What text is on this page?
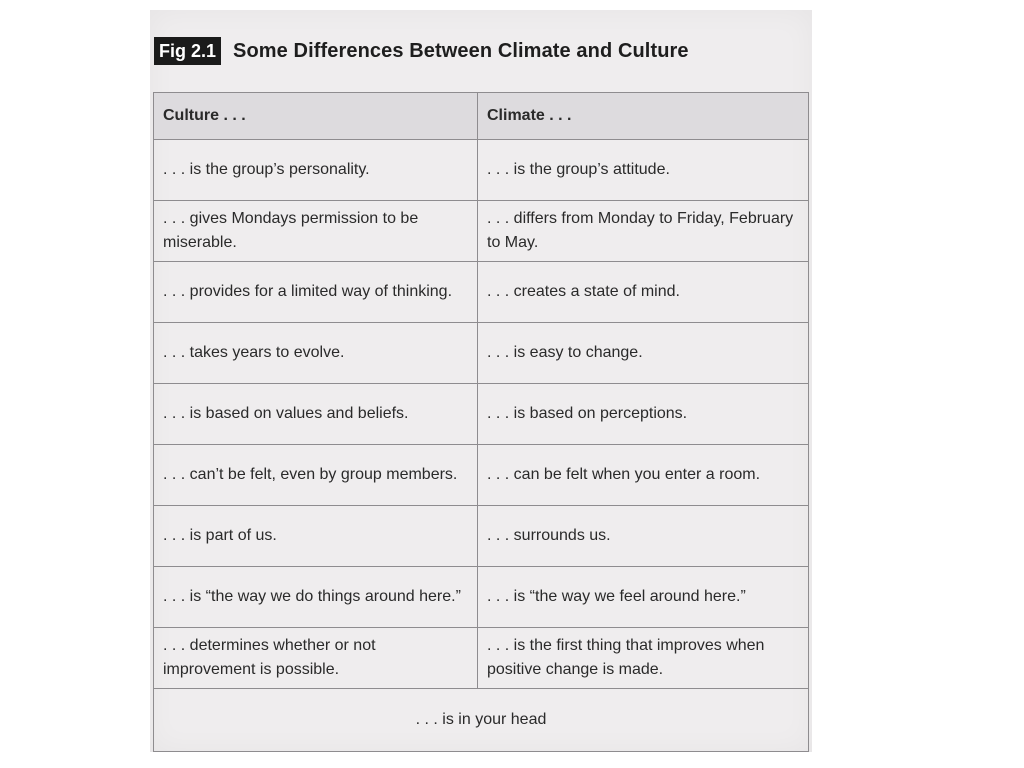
Fig 2.1 Some Differences Between Climate and Culture
Culture . . .	Climate . . .
. . . is the group’s personality.	. . . is the group’s attitude.
. . . gives Mondays permission to be miserable.	. . . differs from Monday to Friday, February to May.
. . . provides for a limited way of thinking.	. . . creates a state of mind.
. . . takes years to evolve.	. . . is easy to change.
. . . is based on values and beliefs.	. . . is based on perceptions.
. . . can’t be felt, even by group members.	. . . can be felt when you enter a room.
. . . is part of us.	. . . surrounds us.
. . . is “the way we do things around here.”	. . . is “the way we feel around here.”
. . . determines whether or not improvement is possible.	. . . is the first thing that improves when positive change is made.
. . . is in your head	
